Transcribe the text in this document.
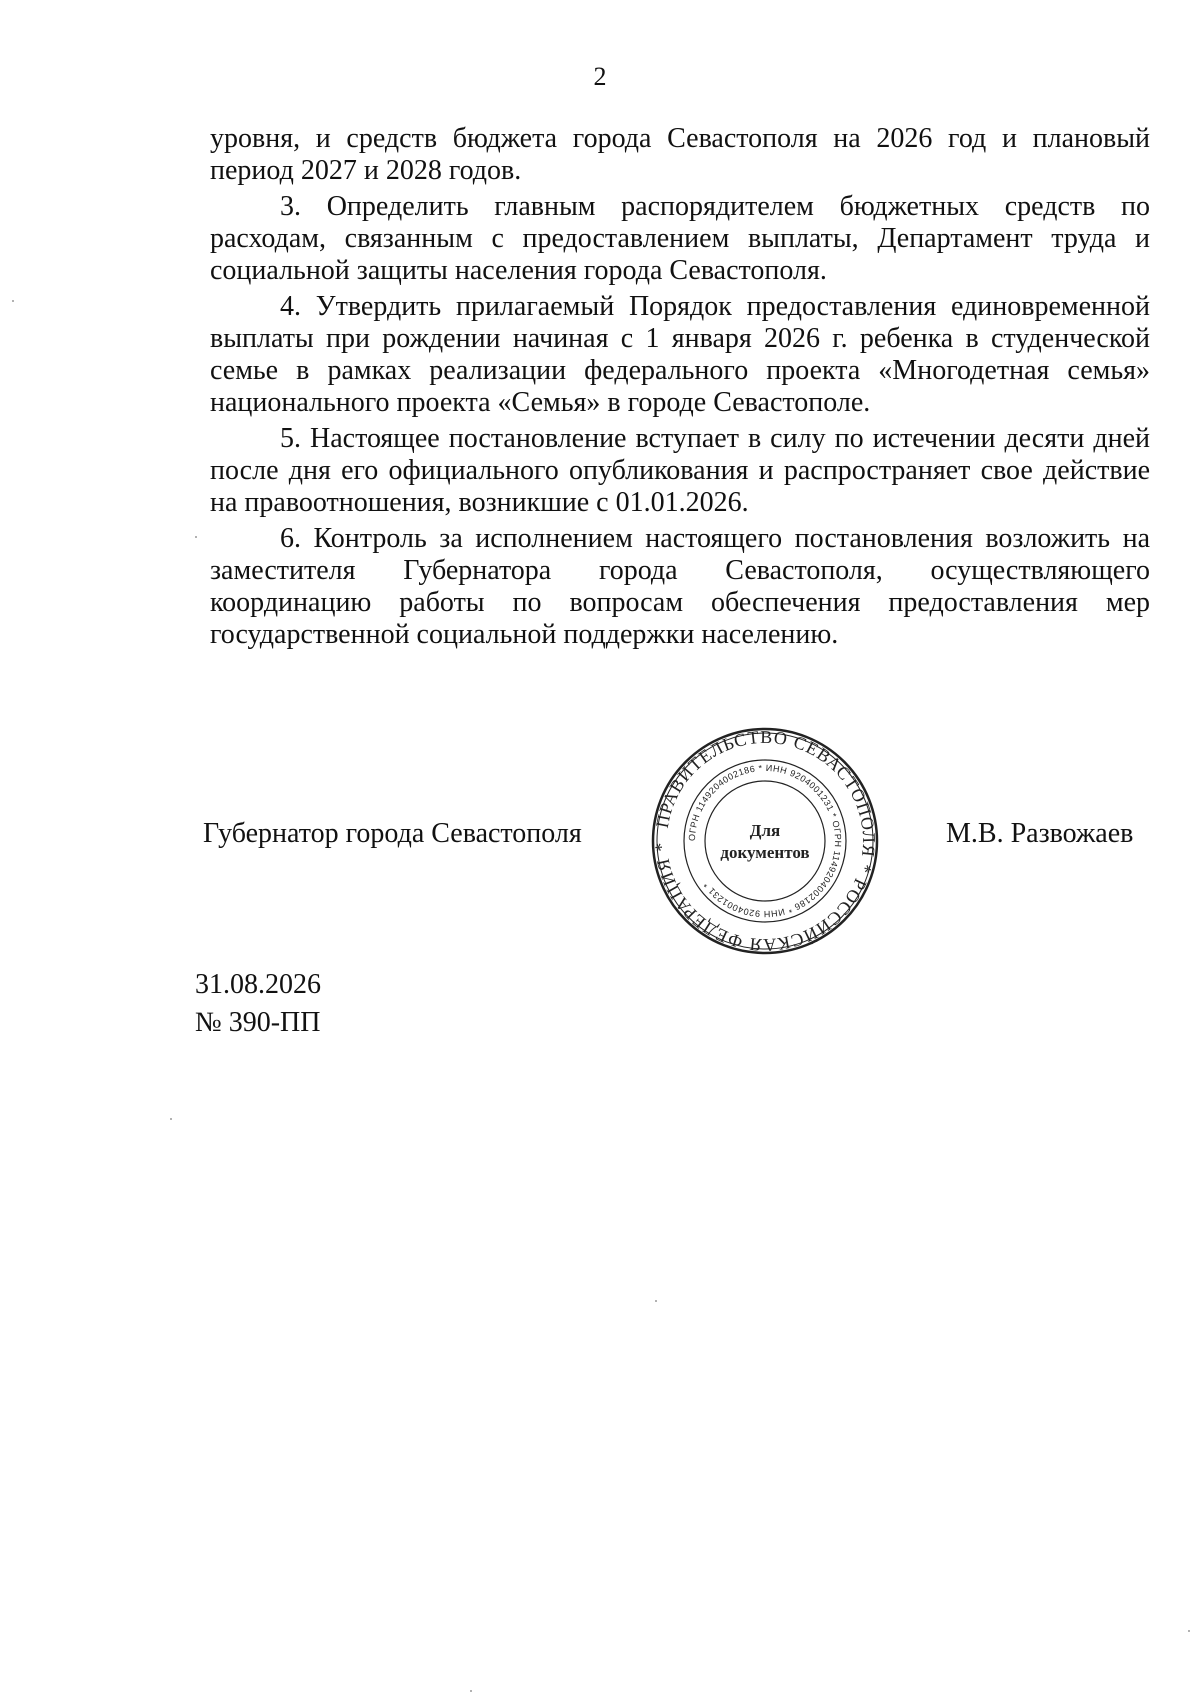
2

уровня, и средств бюджета города Севастополя на 2026 год и плановый период 2027 и 2028 годов.

3. Определить главным распорядителем бюджетных средств по расходам, связанным с предоставлением выплаты, Департамент труда и социальной защиты населения города Севастополя.

4. Утвердить прилагаемый Порядок предоставления единовременной выплаты при рождении начиная с 1 января 2026 г. ребенка в студенческой семье в рамках реализации федерального проекта «Многодетная семья» национального проекта «Семья» в городе Севастополе.

5. Настоящее постановление вступает в силу по истечении десяти дней после дня его официального опубликования и распространяет свое действие на правоотношения, возникшие с 01.01.2026.

6. Контроль за исполнением настоящего постановления возложить на заместителя Губернатора города Севастополя, осуществляющего координацию работы по вопросам обеспечения предоставления мер государственной социальной поддержки населению.

Губернатор города Севастополя	ПРАВИТЕЛЬСТВО СЕВАСТОПОЛЯ * РОССИЙСКАЯ ФЕДЕРАЦИЯ *
ОГРН 1149204002186 * ИНН 9204001231 * ОГРН 1149204002186 * ИНН 9204001231 *
Для
документов
М.В. Развожаев
31.08.2026
№ 390-ПП
